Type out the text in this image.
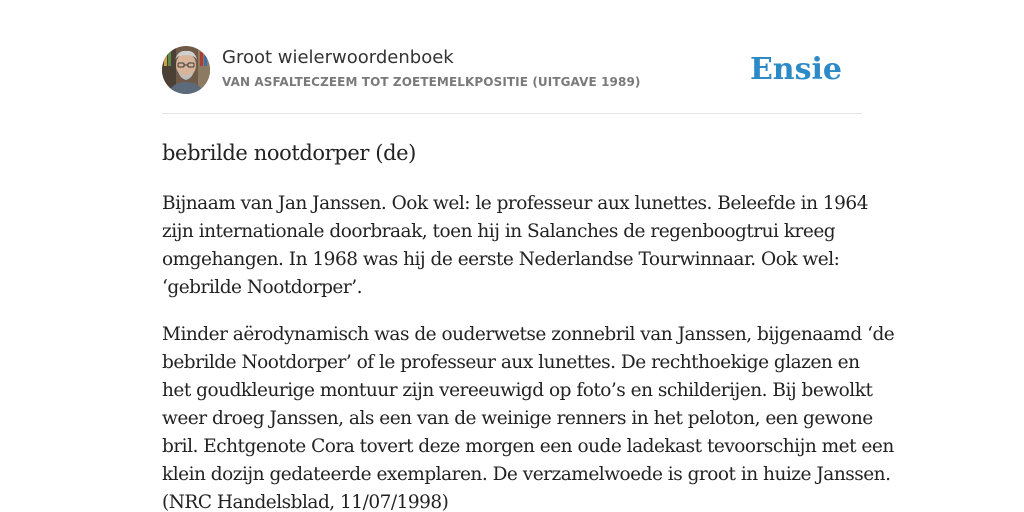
Groot wielerwoordenboek
VAN ASFALTECZEEM TOT ZOETEMELKPOSITIE (UITGAVE 1989)	Ensie
bebrilde nootdorper (de)

Bijnaam van Jan Janssen. Ook wel: le professeur aux lunettes. Beleefde in 1964
zijn internationale doorbraak, toen hij in Salanches de regenboogtrui kreeg
omgehangen. In 1968 was hij de eerste Nederlandse Tourwinnaar. Ook wel:
‘gebrilde Nootdorper’.

Minder aërodynamisch was de ouderwetse zonnebril van Janssen, bijgenaamd ‘de
bebrilde Nootdorper’ of le professeur aux lunettes. De rechthoekige glazen en
het goudkleurige montuur zijn vereeuwigd op foto’s en schilderijen. Bij bewolkt
weer droeg Janssen, als een van de weinige renners in het peloton, een gewone
bril. Echtgenote Cora tovert deze morgen een oude ladekast tevoorschijn met een
klein dozijn gedateerde exemplaren. De verzamelwoede is groot in huize Janssen.
(NRC Handelsblad, 11/07/1998)
